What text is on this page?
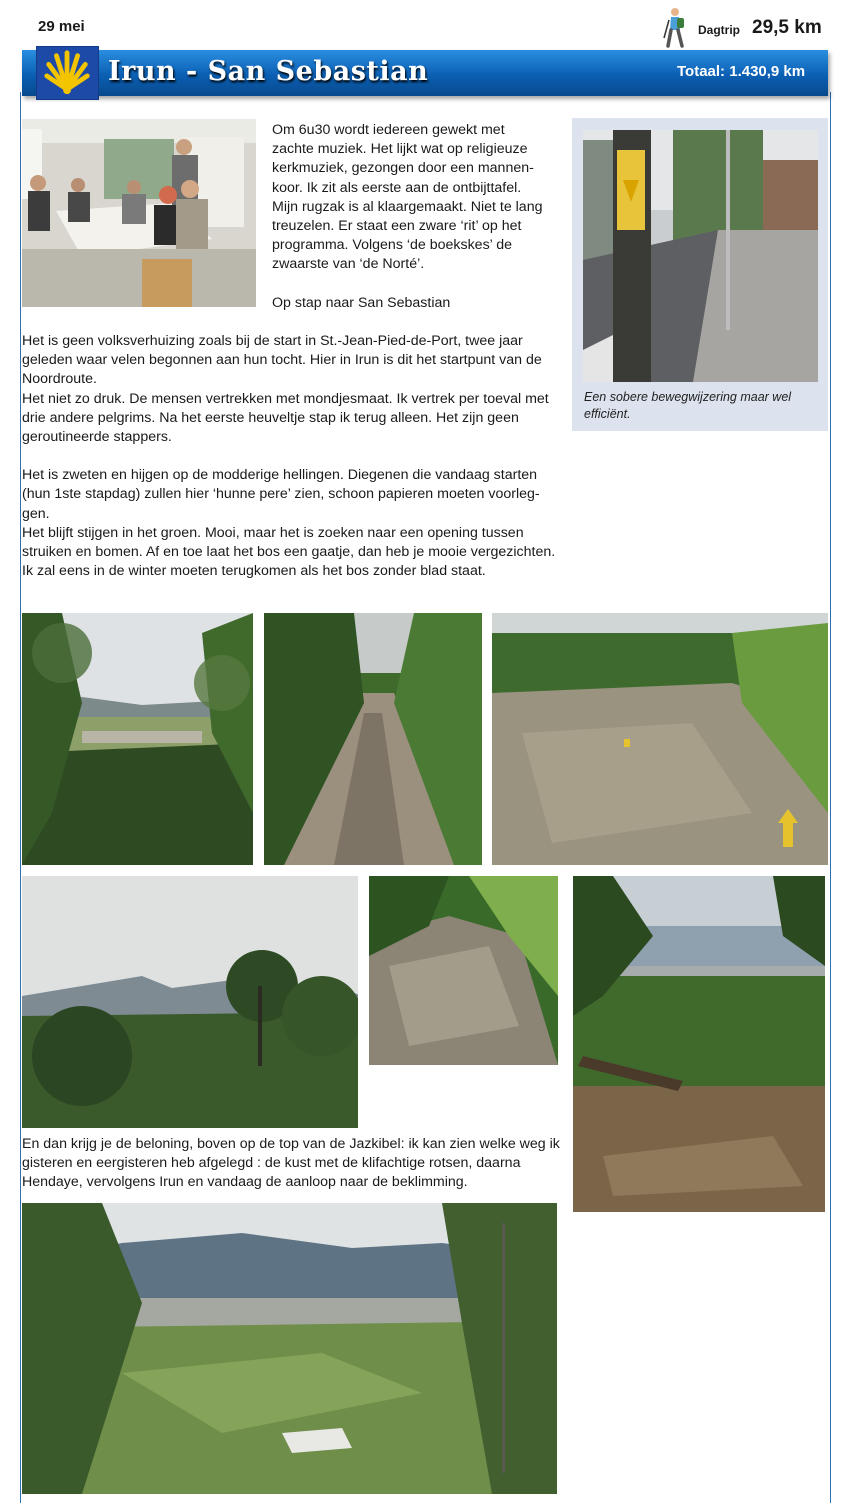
29 mei	Dagtrip 29,5 km
Irun - San Sebastian	Totaal: 1.430,9 km

Om 6u30 wordt iedereen gewekt met zachte muziek. Het lijkt wat op religieuze kerkmuziek, gezongen door een mannen-koor. Ik zit als eerste aan de ontbijttafel. Mijn rugzak is al klaargemaakt. Niet te lang treuzelen. Er staat een zware ‘rit’ op het programma. Volgens ‘de boekskes’ de zwaarste van ‘de Norté’.

Op stap naar San Sebastian

Een sobere bewegwijzering maar wel efficiënt.

Het is geen volksverhuizing zoals bij de start in St.-Jean-Pied-de-Port, twee jaar geleden waar velen begonnen aan hun tocht. Hier in Irun is dit het startpunt van de Noordroute.

Het niet zo druk. De mensen vertrekken met mondjesmaat. Ik vertrek per toeval met drie andere pelgrims. Na het eerste heuveltje stap ik terug alleen. Het zijn geen geroutineerde stappers.

Het is zweten en hijgen op de modderige hellingen. Diegenen die vandaag starten (hun 1ste stapdag) zullen hier ‘hunne pere’ zien, schoon papieren moeten voorleg-gen.

Het blijft stijgen in het groen. Mooi, maar het is zoeken naar een opening tussen struiken en bomen. Af en toe laat het bos een gaatje, dan heb je mooie vergezichten. Ik zal eens in de winter moeten terugkomen als het bos zonder blad staat.

En dan krijg je de beloning, boven op de top van de Jazkibel: ik kan zien welke weg ik gisteren en eergisteren heb afgelegd : de kust met de klifachtige rotsen, daarna Hendaye, vervolgens Irun en vandaag de aanloop naar de beklimming.
